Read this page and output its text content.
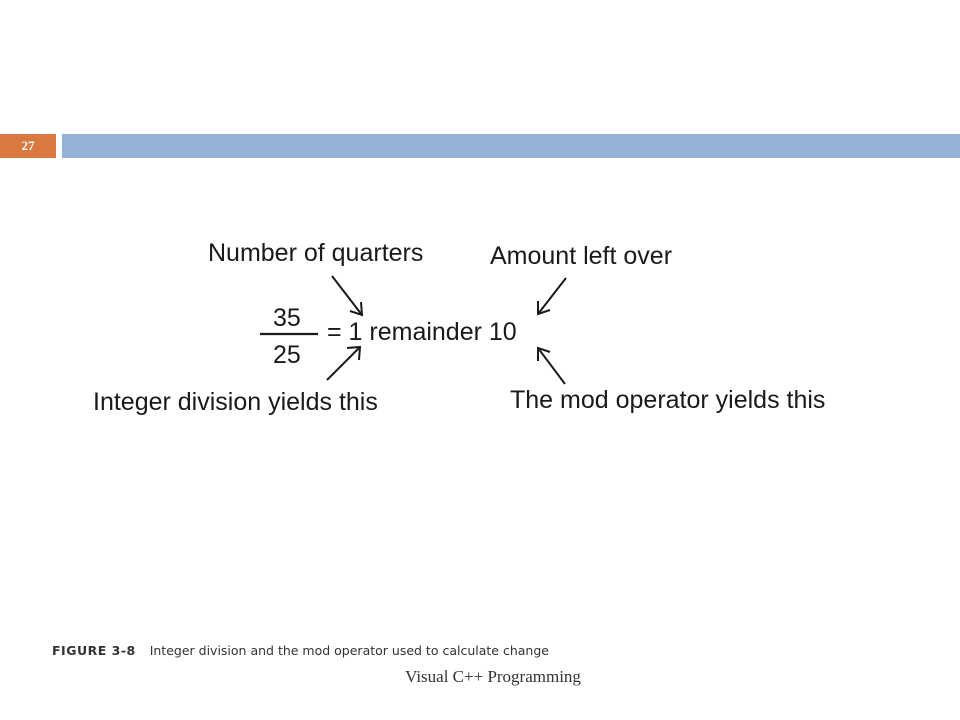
27
Number of quarters	Amount left over
35
25
= 1 remainder 10
Integer division yields this	The mod operator yields this
FIGURE 3-8 Integer division and the mod operator used to calculate change
Visual C++ Programming
